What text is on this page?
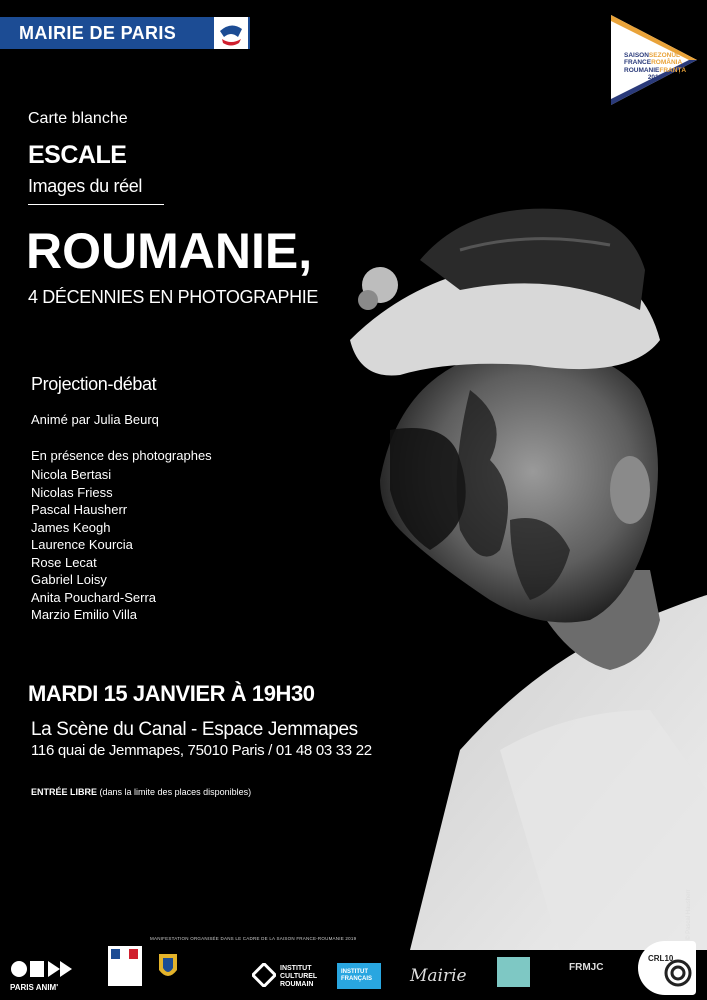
MAIRIE DE PARIS
SAISONSEZONUL
FRANCEROMÂNIA
ROUMANIEFRANȚA
2019
Carte blanche
ESCALE
Images du réel
ROUMANIE,
4 DÉCENNIES EN PHOTOGRAPHIE
Projection-débat
Animé par Julia Beurq
En présence des photographes
Nicola Bertasi
Nicolas Friess
Pascal Hausherr
James Keogh
Laurence Kourcia
Rose Lecat
Gabriel Loisy
Anita Pouchard-Serra
Marzio Emilio Villa
MARDI 15 JANVIER À 19H30
La Scène du Canal - Espace Jemmapes
116 quai de Jemmapes, 75010 Paris / 01 48 03 33 22
ENTRÉE LIBRE (dans la limite des places disponibles)
© Pascal Hausherr
MANIFESTATION ORGANISÉE DANS LE CADRE DE LA SAISON FRANCE-ROUMANIE 2019
PARIS ANIM'
INSTITUT
CULTUREL
ROUMAIN
INSTITUT
FRANÇAIS Mairie	FRMJC
CRL10
